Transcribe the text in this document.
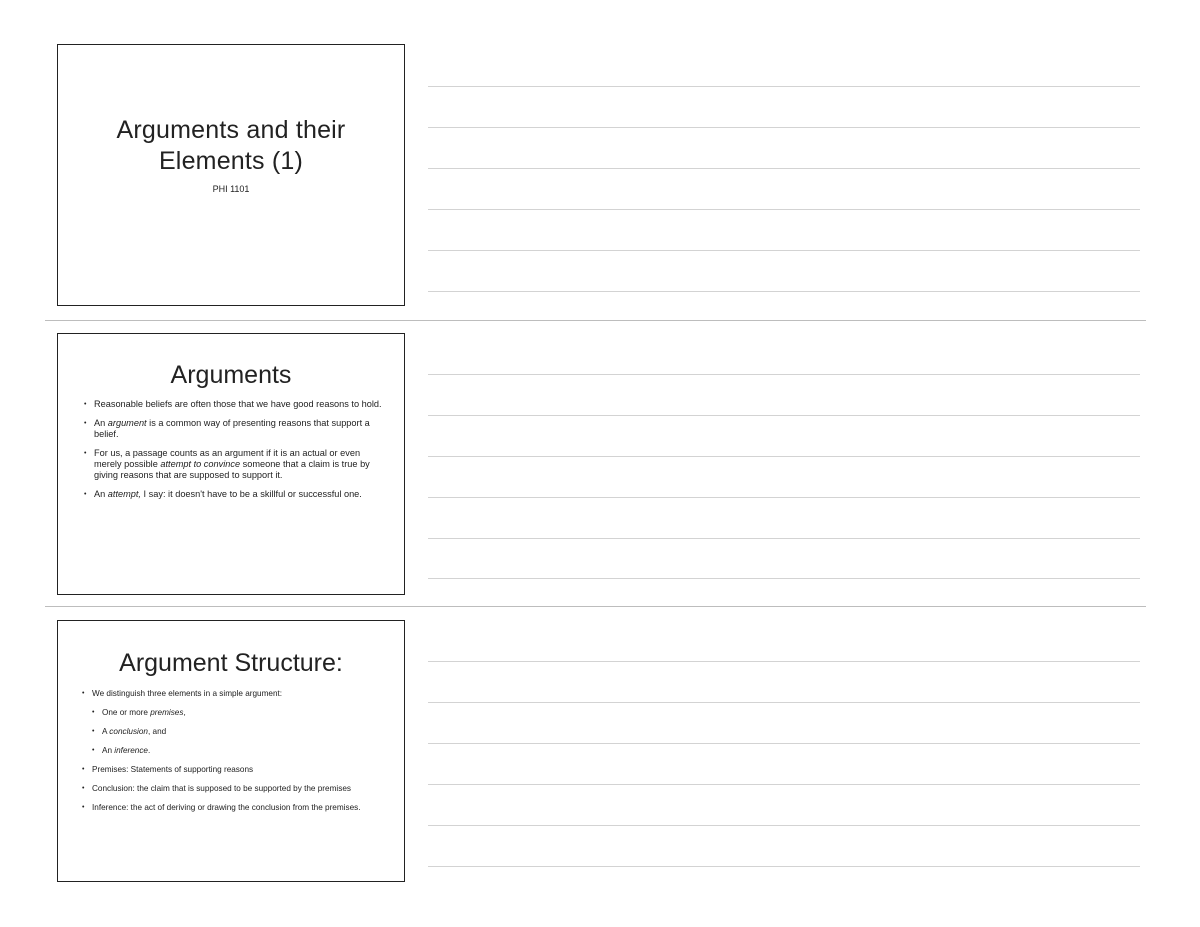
Arguments and their
Elements (1)
PHI 1101
Arguments
• Reasonable beliefs are often those that we have good reasons to hold.
• An argument is a common way of presenting reasons that support a belief.
• For us, a passage counts as an argument if it is an actual or even merely possible attempt to convince someone that a claim is true by giving reasons that are supposed to support it.
• An attempt, I say: it doesn't have to be a skillful or successful one.
Argument Structure:
• We distinguish three elements in a simple argument:
• One or more premises,
• A conclusion, and
• An inference.
• Premises: Statements of supporting reasons
• Conclusion: the claim that is supposed to be supported by the premises
• Inference: the act of deriving or drawing the conclusion from the premises.
